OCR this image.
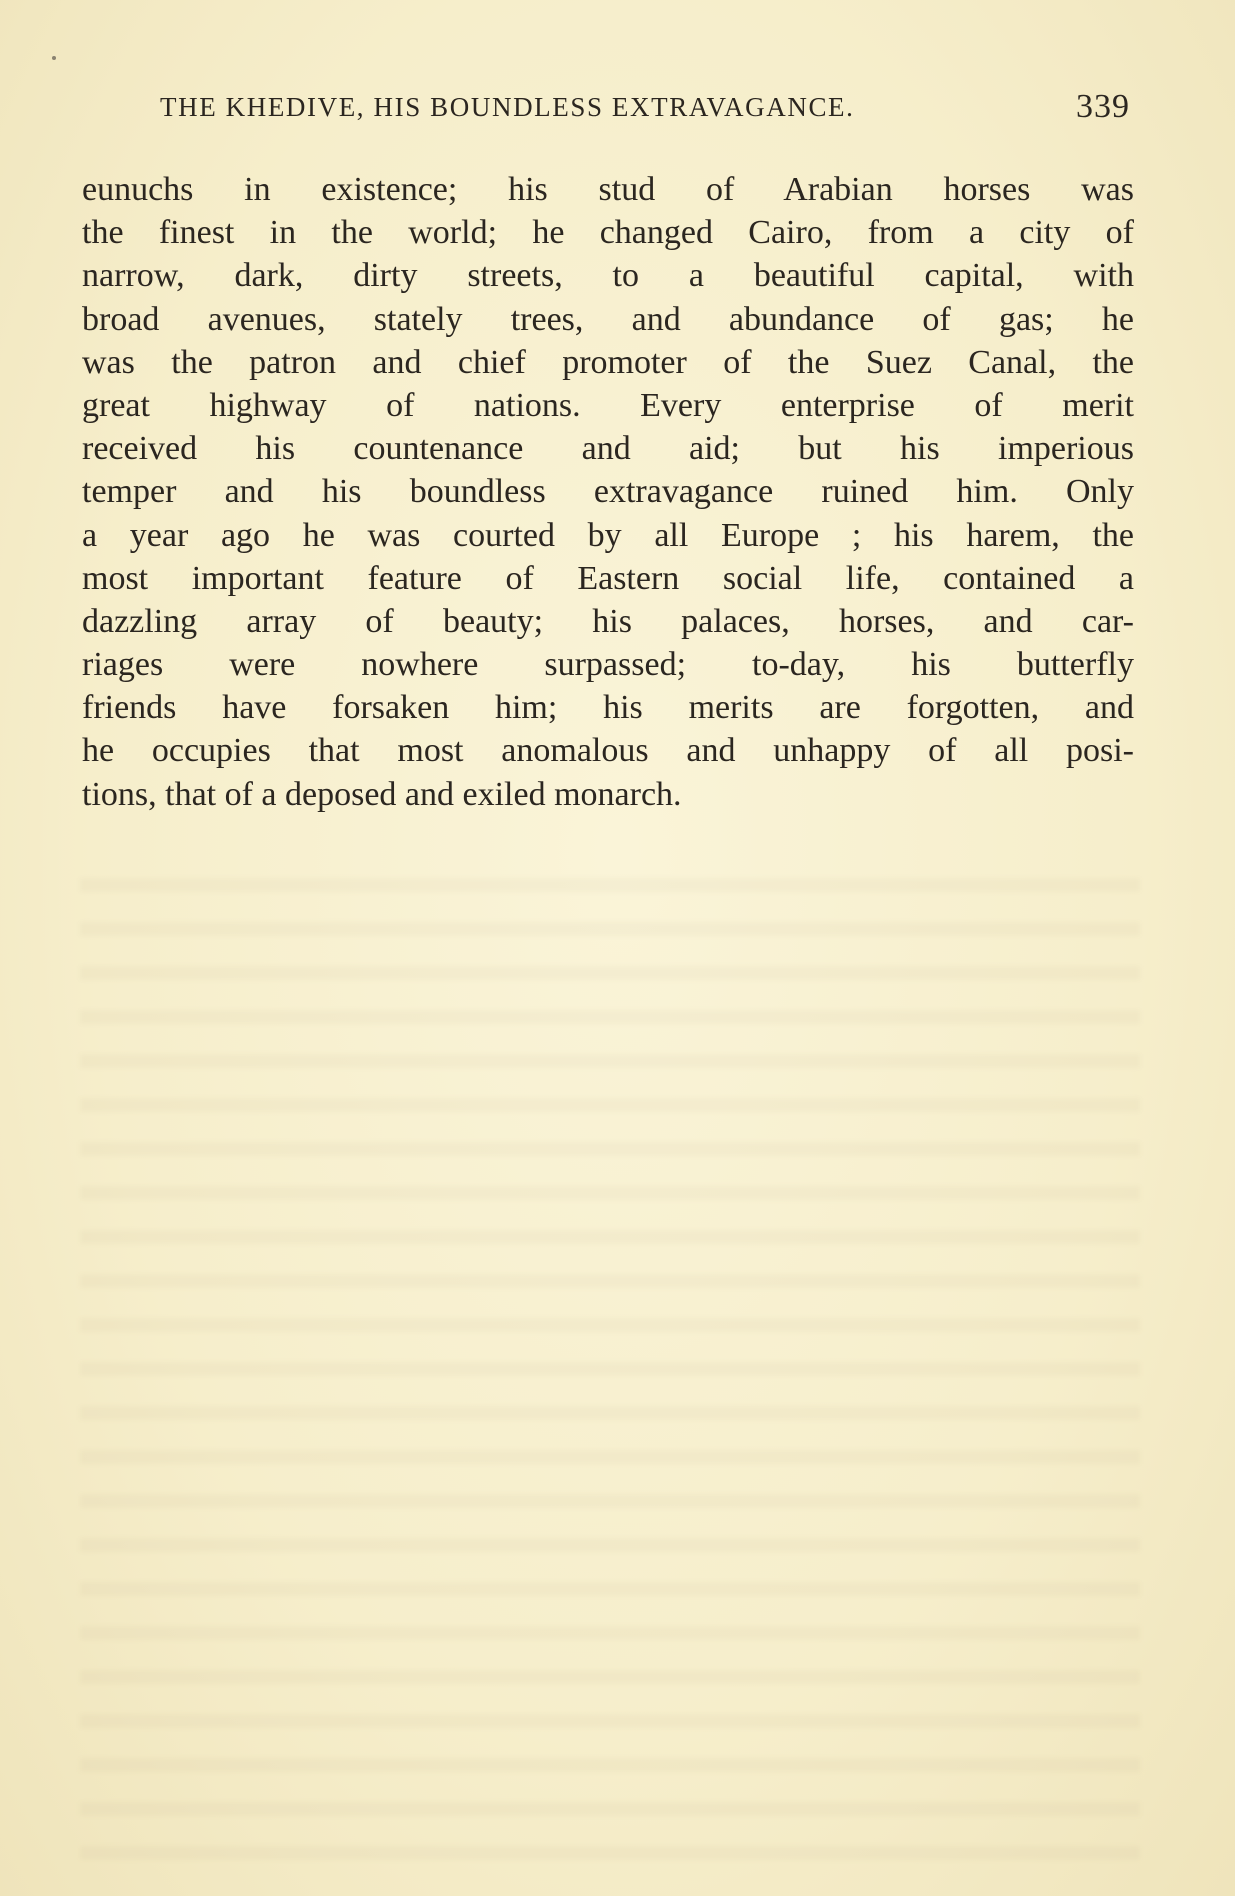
THE KHEDIVE, HIS BOUNDLESS EXTRAVAGANCE.	339
eunuchs in existence; his stud of Arabian horses was
the finest in the world; he changed Cairo, from a city of
narrow, dark, dirty streets, to a beautiful capital, with
broad avenues, stately trees, and abundance of gas; he
was the patron and chief promoter of the Suez Canal, the
great highway of nations. Every enterprise of merit
received his countenance and aid; but his imperious
temper and his boundless extravagance ruined him. Only
a year ago he was courted by all Europe ; his harem, the
most important feature of Eastern social life, contained a
dazzling array of beauty; his palaces, horses, and car-
riages were nowhere surpassed; to-day, his butterfly
friends have forsaken him; his merits are forgotten, and
he occupies that most anomalous and unhappy of all posi-
tions, that of a deposed and exiled monarch.
